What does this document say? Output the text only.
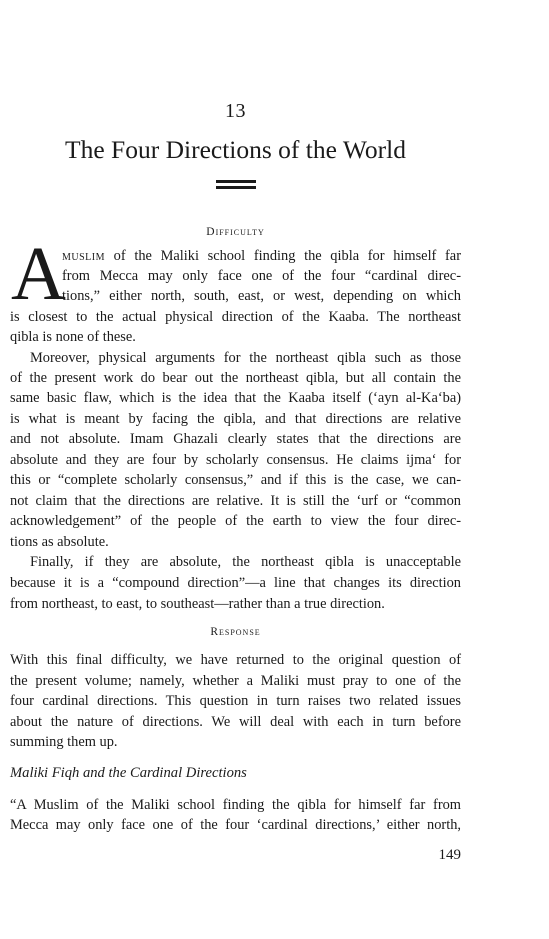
13
The Four Directions of the World
Difficulty
A
muslim of the Maliki school finding the qibla for himself far
from Mecca may only face one of the four “cardinal direc-
tions,” either north, south, east, or west, depending on which
is closest to the actual physical direction of the Kaaba. The northeast
qibla is none of these.
Moreover, physical arguments for the northeast qibla such as those
of the present work do bear out the northeast qibla, but all contain the
same basic flaw, which is the idea that the Kaaba itself (‘ayn al-Ka‘ba)
is what is meant by facing the qibla, and that directions are relative
and not absolute. Imam Ghazali clearly states that the directions are
absolute and they are four by scholarly consensus. He claims ijma‘ for
this or “complete scholarly consensus,” and if this is the case, we can-
not claim that the directions are relative. It is still the ‘urf or “common
acknowledgement” of the people of the earth to view the four direc-
tions as absolute.
Finally, if they are absolute, the northeast qibla is unacceptable
because it is a “compound direction”—a line that changes its direction
from northeast, to east, to southeast—rather than a true direction.
Response
With this final difficulty, we have returned to the original question of
the present volume; namely, whether a Maliki must pray to one of the
four cardinal directions. This question in turn raises two related issues
about the nature of directions. We will deal with each in turn before
summing them up.
Maliki Fiqh and the Cardinal Directions
“A Muslim of the Maliki school finding the qibla for himself far from
Mecca may only face one of the four ‘cardinal directions,’ either north,
149
